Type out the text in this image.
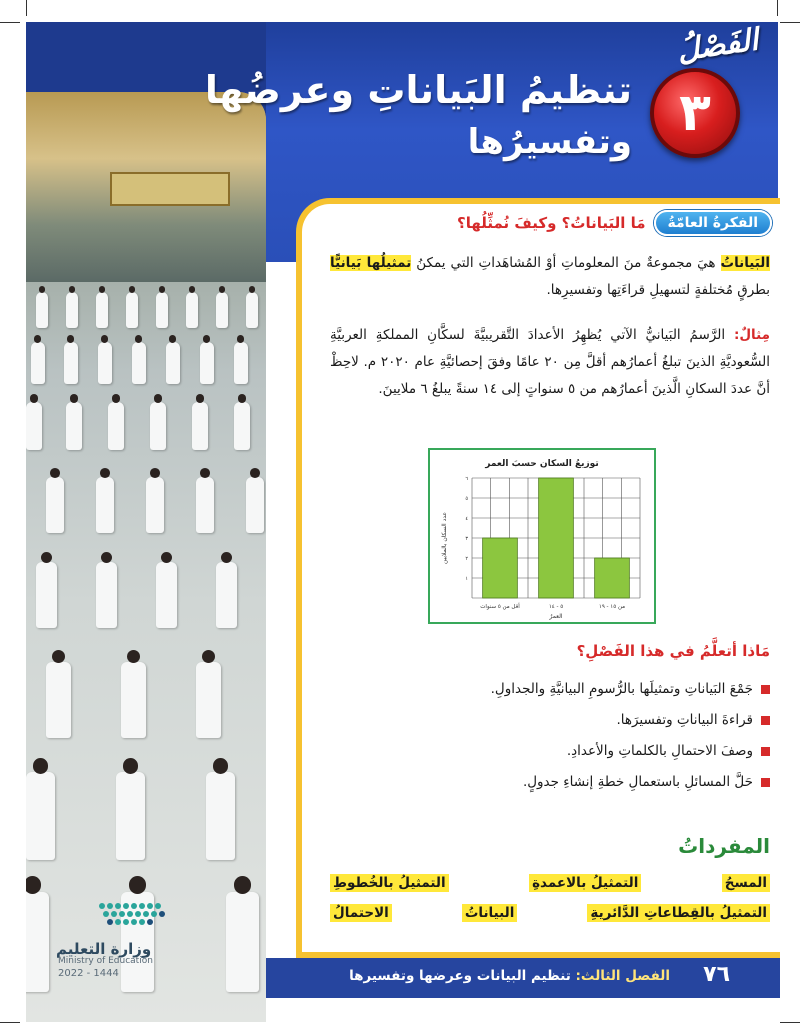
وزارة التعليم
Ministry of Education
2022 - 1444
الفَصْلُ
٣
تنظيمُ البَياناتِ وعرضُها
وتفسيرُها
الفكرةُ العامّةُ
مَا البَياناتُ؟ وكيفَ نُمثِّلُها؟

البَياناتُ هيَ مجموعةٌ منَ المعلوماتِ أوْ المُشاهَداتِ التي يمكنُ تمثيلُها بَيانيًّا بطرقٍ مُختلفةٍ لتسهيلِ قراءَتِها وتفسيرِها.

مِثالٌ: الرَّسمُ البَيانيُّ الآتي يُظهِرُ الأعدادَ التَّقريبيَّةَ لسكَّانِ المملكةِ العربيَّةِ السُّعوديَّةِ الذينَ تبلغُ أعمارُهم أقلَّ مِن ٢٠ عامًا وفقَ إحصائيَّةِ عام ٢٠٢٠ م. لاحِظْ أنَّ عددَ السكانِ الَّذينَ أعمارُهم من ٥ سنواتٍ إلى ١٤ سنةً يبلغُ ٦ ملايينَ.

توزيعُ السكان حسبَ العمر
١
٢
٣
٤
٥
٦
أقل من ٥ سنوات	٥ - ١٤	من ١٥ - ١٩
العمرُ
عدد السكان بالملايين
مَاذا أتعلَّمُ في هذا الفَصْلِ؟
جَمْعَ البَياناتِ وتمثيلَها بالرُّسومِ البيانيَّةِ والجداولِ.
قراءةَ البياناتِ وتفسيرَها.
وصفَ الاحتمالِ بالكلماتِ والأعدادِ.
حَلَّ المسائلِ باستعمالِ خطةِ إنشاءِ جدولٍ.
المفرداتُ
المسحُ
التمثيلُ بالاعمدةِ
التمثيلُ بالخُطوطِ
التمثيلُ بالقِطاعاتِ الدَّائريةِ
البياناتُ
الاحتمالُ
الفصل الثالث: تنظيم البيانات وعرضها وتفسيرها	٧٦
